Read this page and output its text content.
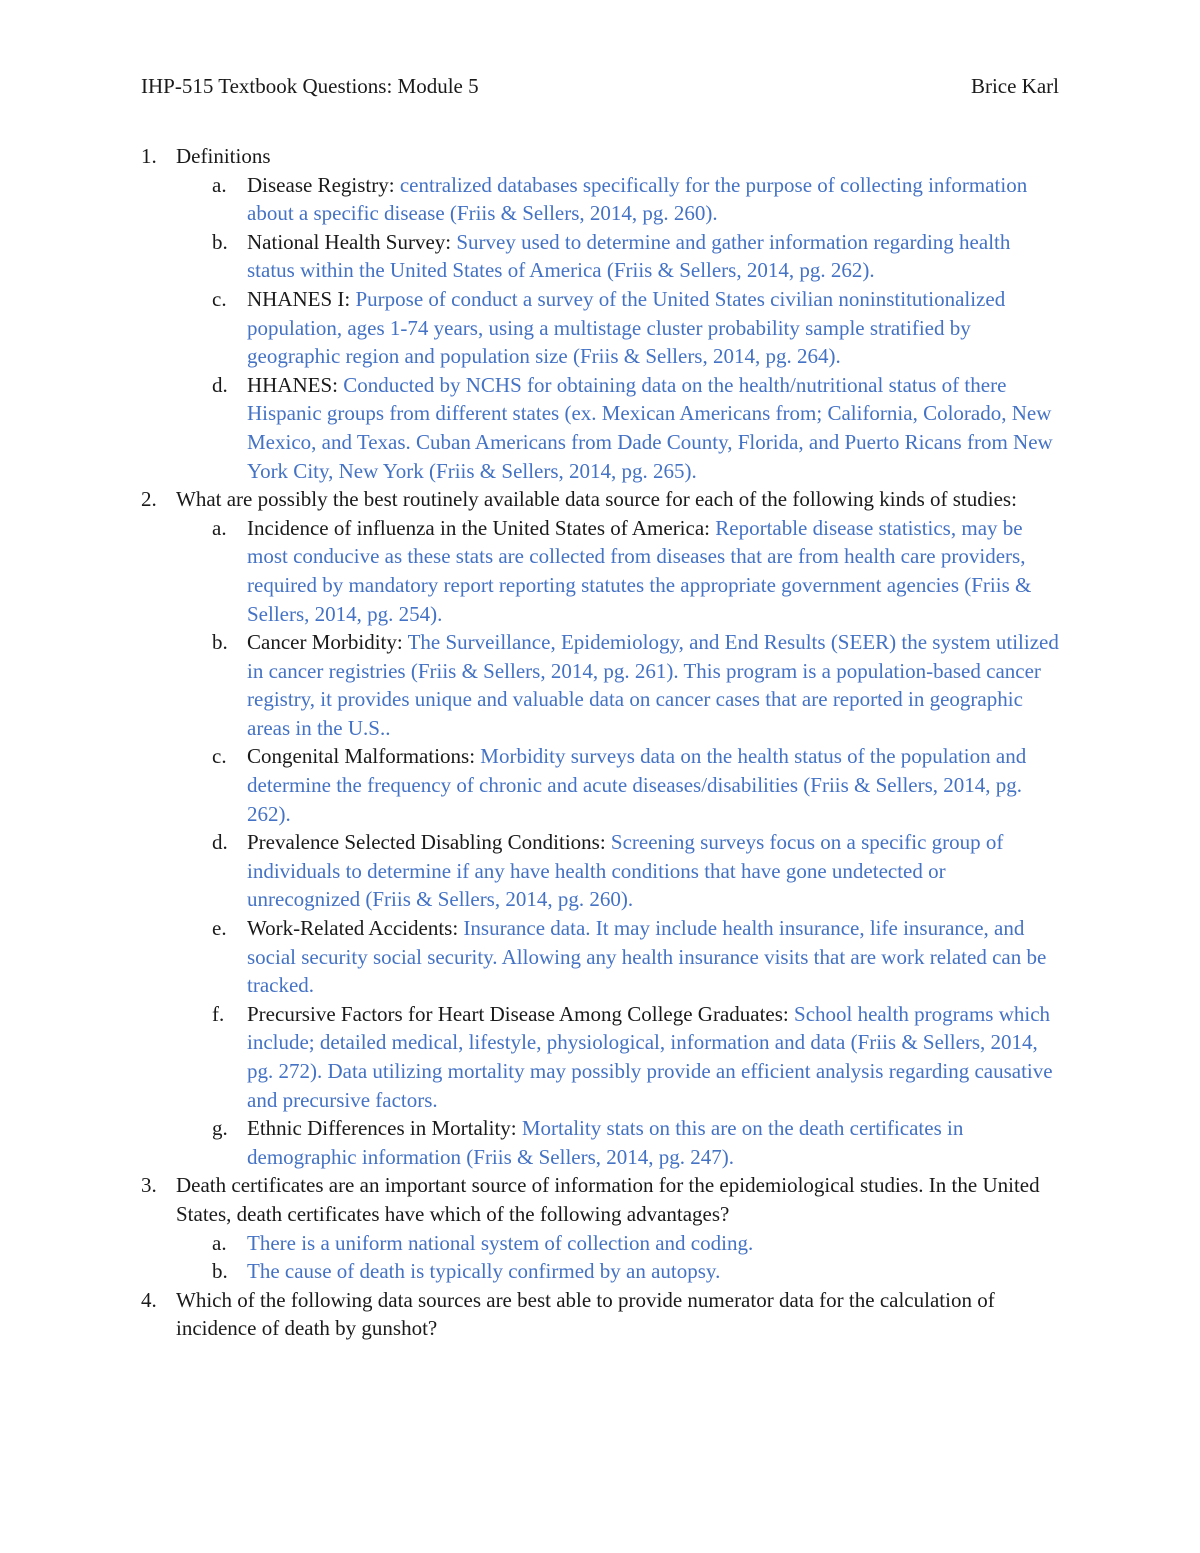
IHP-515 Textbook Questions: Module 5	Brice Karl
1. Definitions
a. Disease Registry: centralized databases specifically for the purpose of collecting information about a specific disease (Friis & Sellers, 2014, pg. 260).
b. National Health Survey: Survey used to determine and gather information regarding health status within the United States of America (Friis & Sellers, 2014, pg. 262).
c. NHANES I: Purpose of conduct a survey of the United States civilian noninstitutionalized population, ages 1-74 years, using a multistage cluster probability sample stratified by geographic region and population size (Friis & Sellers, 2014, pg. 264).
d. HHANES: Conducted by NCHS for obtaining data on the health/nutritional status of there Hispanic groups from different states (ex. Mexican Americans from; California, Colorado, New Mexico, and Texas. Cuban Americans from Dade County, Florida, and Puerto Ricans from New York City, New York (Friis & Sellers, 2014, pg. 265).
2. What are possibly the best routinely available data source for each of the following kinds of studies:
a. Incidence of influenza in the United States of America: Reportable disease statistics, may be most conducive as these stats are collected from diseases that are from health care providers, required by mandatory report reporting statutes the appropriate government agencies (Friis & Sellers, 2014, pg. 254).
b. Cancer Morbidity: The Surveillance, Epidemiology, and End Results (SEER) the system utilized in cancer registries (Friis & Sellers, 2014, pg. 261). This program is a population-based cancer registry, it provides unique and valuable data on cancer cases that are reported in geographic areas in the U.S..
c. Congenital Malformations: Morbidity surveys data on the health status of the population and determine the frequency of chronic and acute diseases/disabilities (Friis & Sellers, 2014, pg. 262).
d. Prevalence Selected Disabling Conditions: Screening surveys focus on a specific group of individuals to determine if any have health conditions that have gone undetected or unrecognized (Friis & Sellers, 2014, pg. 260).
e. Work-Related Accidents: Insurance data. It may include health insurance, life insurance, and social security social security. Allowing any health insurance visits that are work related can be tracked.
f. Precursive Factors for Heart Disease Among College Graduates: School health programs which include; detailed medical, lifestyle, physiological, information and data (Friis & Sellers, 2014, pg. 272). Data utilizing mortality may possibly provide an efficient analysis regarding causative and precursive factors.
g. Ethnic Differences in Mortality: Mortality stats on this are on the death certificates in demographic information (Friis & Sellers, 2014, pg. 247).
3. Death certificates are an important source of information for the epidemiological studies. In the United States, death certificates have which of the following advantages?
a. There is a uniform national system of collection and coding.
b. The cause of death is typically confirmed by an autopsy.
4. Which of the following data sources are best able to provide numerator data for the calculation of incidence of death by gunshot?
